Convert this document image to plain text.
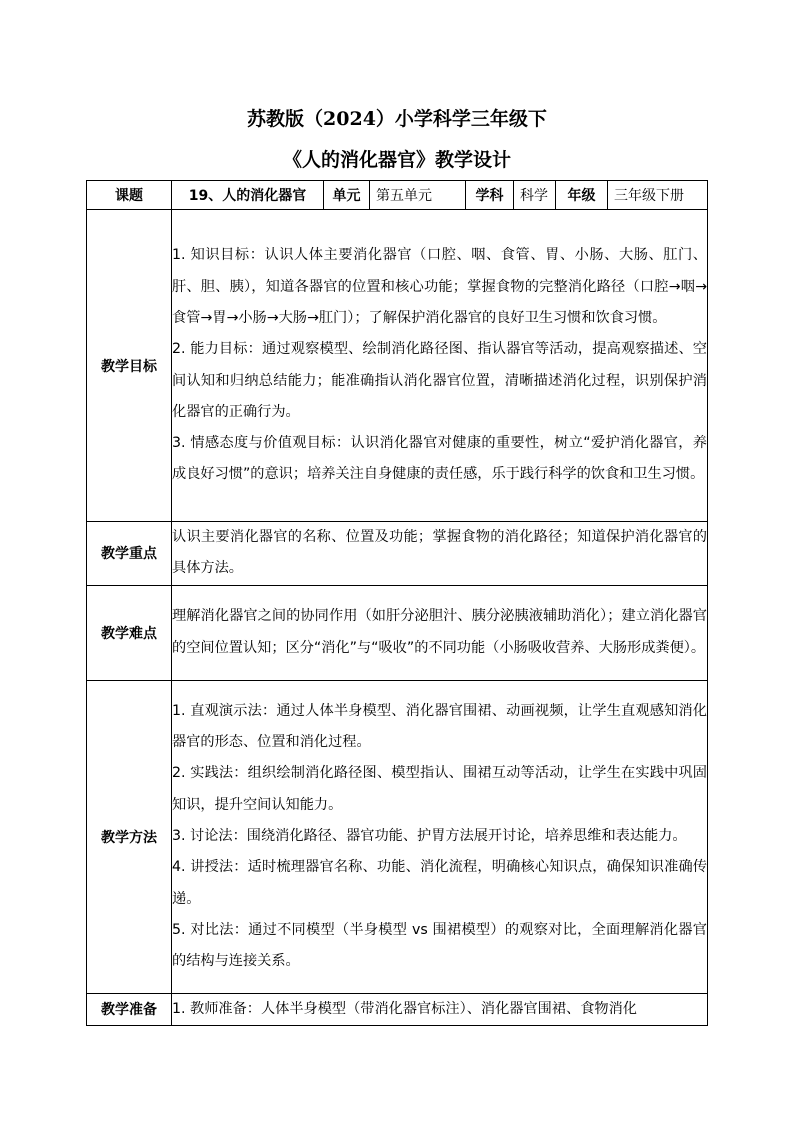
苏教版（2024）小学科学三年级下
《人的消化器官》教学设计
课题	19、人的消化器官	单元	第五单元	学科	科学	年级	三年级下册
教学目标	1. 知识目标：认识人体主要消化器官（口腔、咽、食管、胃、小肠、大肠、肛门、肝、胆、胰），知道各器官的位置和核心功能；掌握食物的完整消化路径（口腔→咽→食管→胃→小肠→大肠→肛门）；了解保护消化器官的良好卫生习惯和饮食习惯。

2. 能力目标：通过观察模型、绘制消化路径图、指认器官等活动，提高观察描述、空间认知和归纳总结能力；能准确指认消化器官位置，清晰描述消化过程，识别保护消化器官的正确行为。

3. 情感态度与价值观目标：认识消化器官对健康的重要性，树立“爱护消化器官，养成良好习惯”的意识；培养关注自身健康的责任感，乐于践行科学的饮食和卫生习惯。						

教学重点	认识主要消化器官的名称、位置及功能；掌握食物的消化路径；知道保护消化器官的具体方法。						

教学难点	理解消化器官之间的协同作用（如肝分泌胆汁、胰分泌胰液辅助消化）；建立消化器官的空间位置认知；区分“消化”与“吸收”的不同功能（小肠吸收营养、大肠形成粪便）。						

教学方法	1. 直观演示法：通过人体半身模型、消化器官围裙、动画视频，让学生直观感知消化器官的形态、位置和消化过程。

2. 实践法：组织绘制消化路径图、模型指认、围裙互动等活动，让学生在实践中巩固知识，提升空间认知能力。

3. 讨论法：围绕消化路径、器官功能、护胃方法展开讨论，培养思维和表达能力。

4. 讲授法：适时梳理器官名称、功能、消化流程，明确核心知识点，确保知识准确传递。

5. 对比法：通过不同模型（半身模型 vs 围裙模型）的观察对比，全面理解消化器官的结构与连接关系。						

教学准备	1. 教师准备：人体半身模型（带消化器官标注）、消化器官围裙、食物消化						
